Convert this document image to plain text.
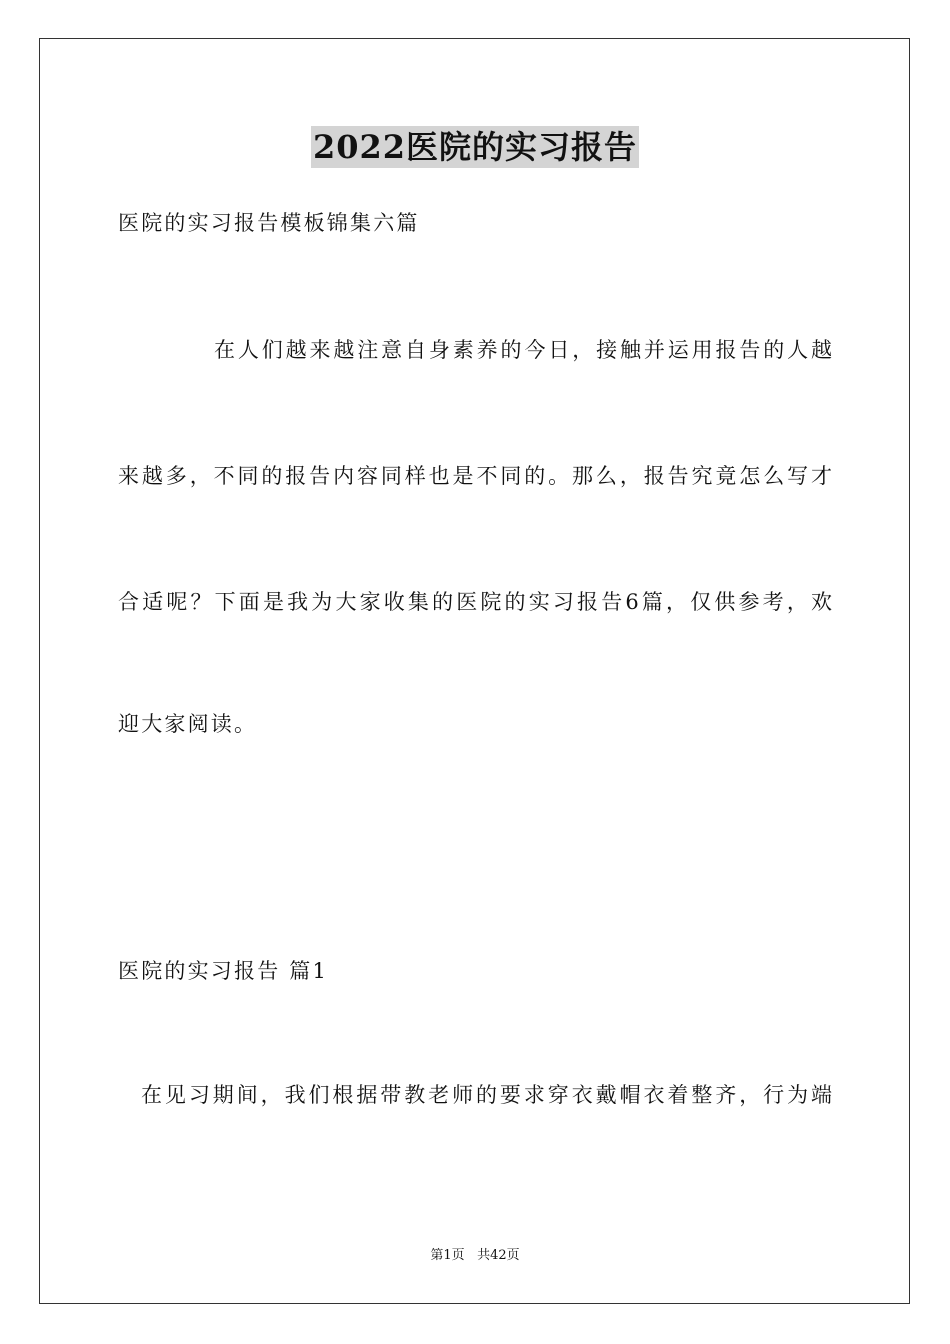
2022医院的实习报告
医院的实习报告模板锦集六篇
在人们越来越注意自身素养的今日，接触并运用报告的人越
来越多，不同的报告内容同样也是不同的。那么，报告究竟怎么写才
合适呢？下面是我为大家收集的医院的实习报告6篇，仅供参考，欢
迎大家阅读。
医院的实习报告 篇1
在见习期间，我们根据带教老师的要求穿衣戴帽衣着整齐，行为端
第1页 共42页
